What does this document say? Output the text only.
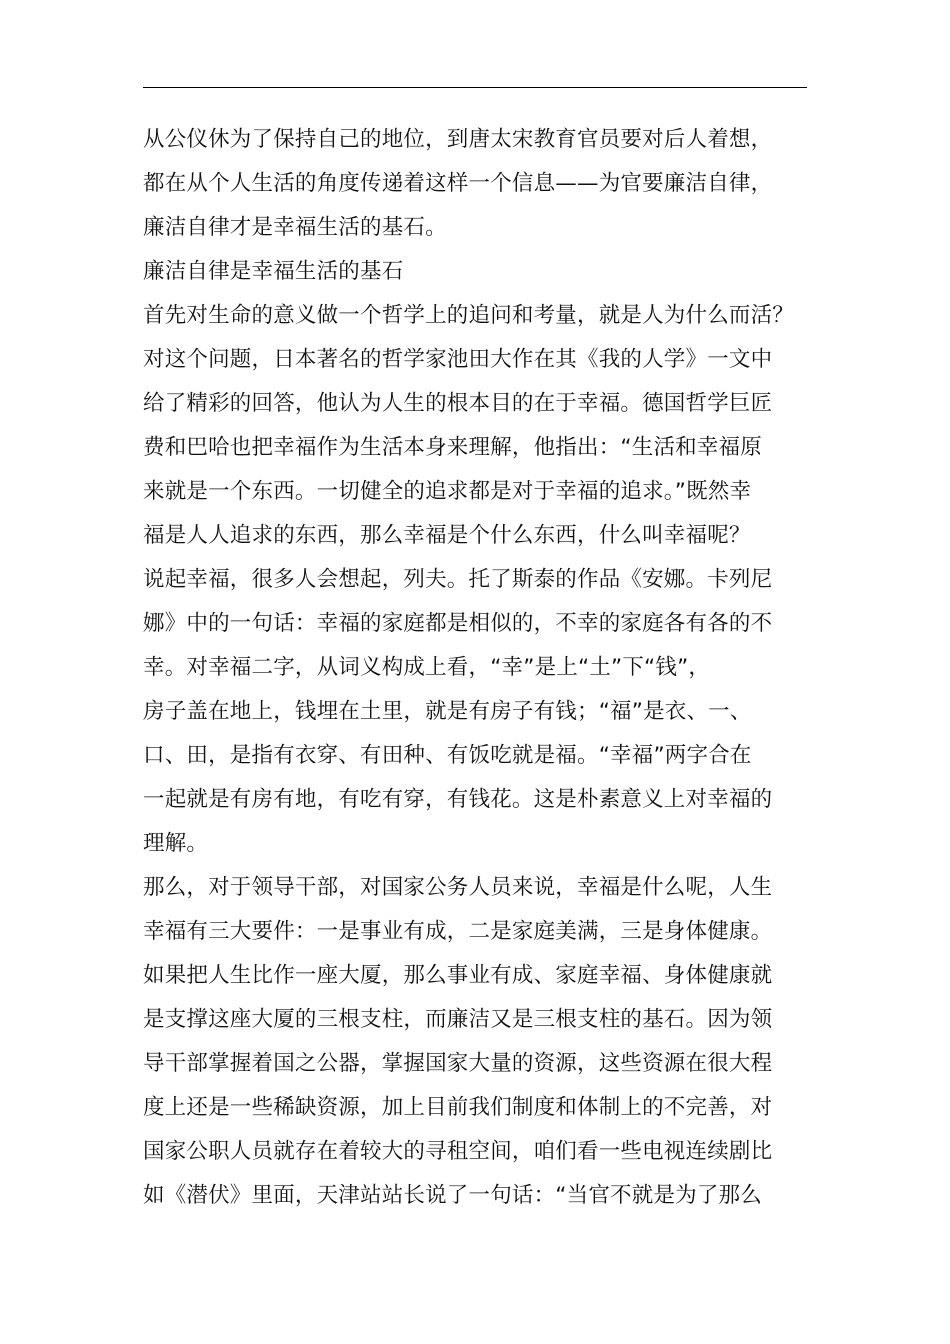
从公仪休为了保持自己的地位，到唐太宋教育官员要对后人着想，
都在从个人生活的角度传递着这样一个信息——为官要廉洁自律，
廉洁自律才是幸福生活的基石。
廉洁自律是幸福生活的基石
首先对生命的意义做一个哲学上的追问和考量，就是人为什么而活？
对这个问题，日本著名的哲学家池田大作在其《我的人学》一文中
给了精彩的回答，他认为人生的根本目的在于幸福。德国哲学巨匠
费和巴哈也把幸福作为生活本身来理解，他指出：“生活和幸福原
来就是一个东西。一切健全的追求都是对于幸福的追求。”既然幸
福是人人追求的东西，那么幸福是个什么东西，什么叫幸福呢？
说起幸福，很多人会想起，列夫。托了斯泰的作品《安娜。卡列尼
娜》中的一句话：幸福的家庭都是相似的，不幸的家庭各有各的不
幸。对幸福二字，从词义构成上看，“幸”是上“土”下“钱”，
房子盖在地上，钱埋在土里，就是有房子有钱；“福”是衣、一、
口、田，是指有衣穿、有田种、有饭吃就是福。“幸福”两字合在
一起就是有房有地，有吃有穿，有钱花。这是朴素意义上对幸福的
理解。
那么，对于领导干部，对国家公务人员来说，幸福是什么呢，人生
幸福有三大要件：一是事业有成，二是家庭美满，三是身体健康。
如果把人生比作一座大厦，那么事业有成、家庭幸福、身体健康就
是支撑这座大厦的三根支柱，而廉洁又是三根支柱的基石。因为领
导干部掌握着国之公器，掌握国家大量的资源，这些资源在很大程
度上还是一些稀缺资源，加上目前我们制度和体制上的不完善，对
国家公职人员就存在着较大的寻租空间，咱们看一些电视连续剧比
如《潜伏》里面，天津站站长说了一句话：“当官不就是为了那么
